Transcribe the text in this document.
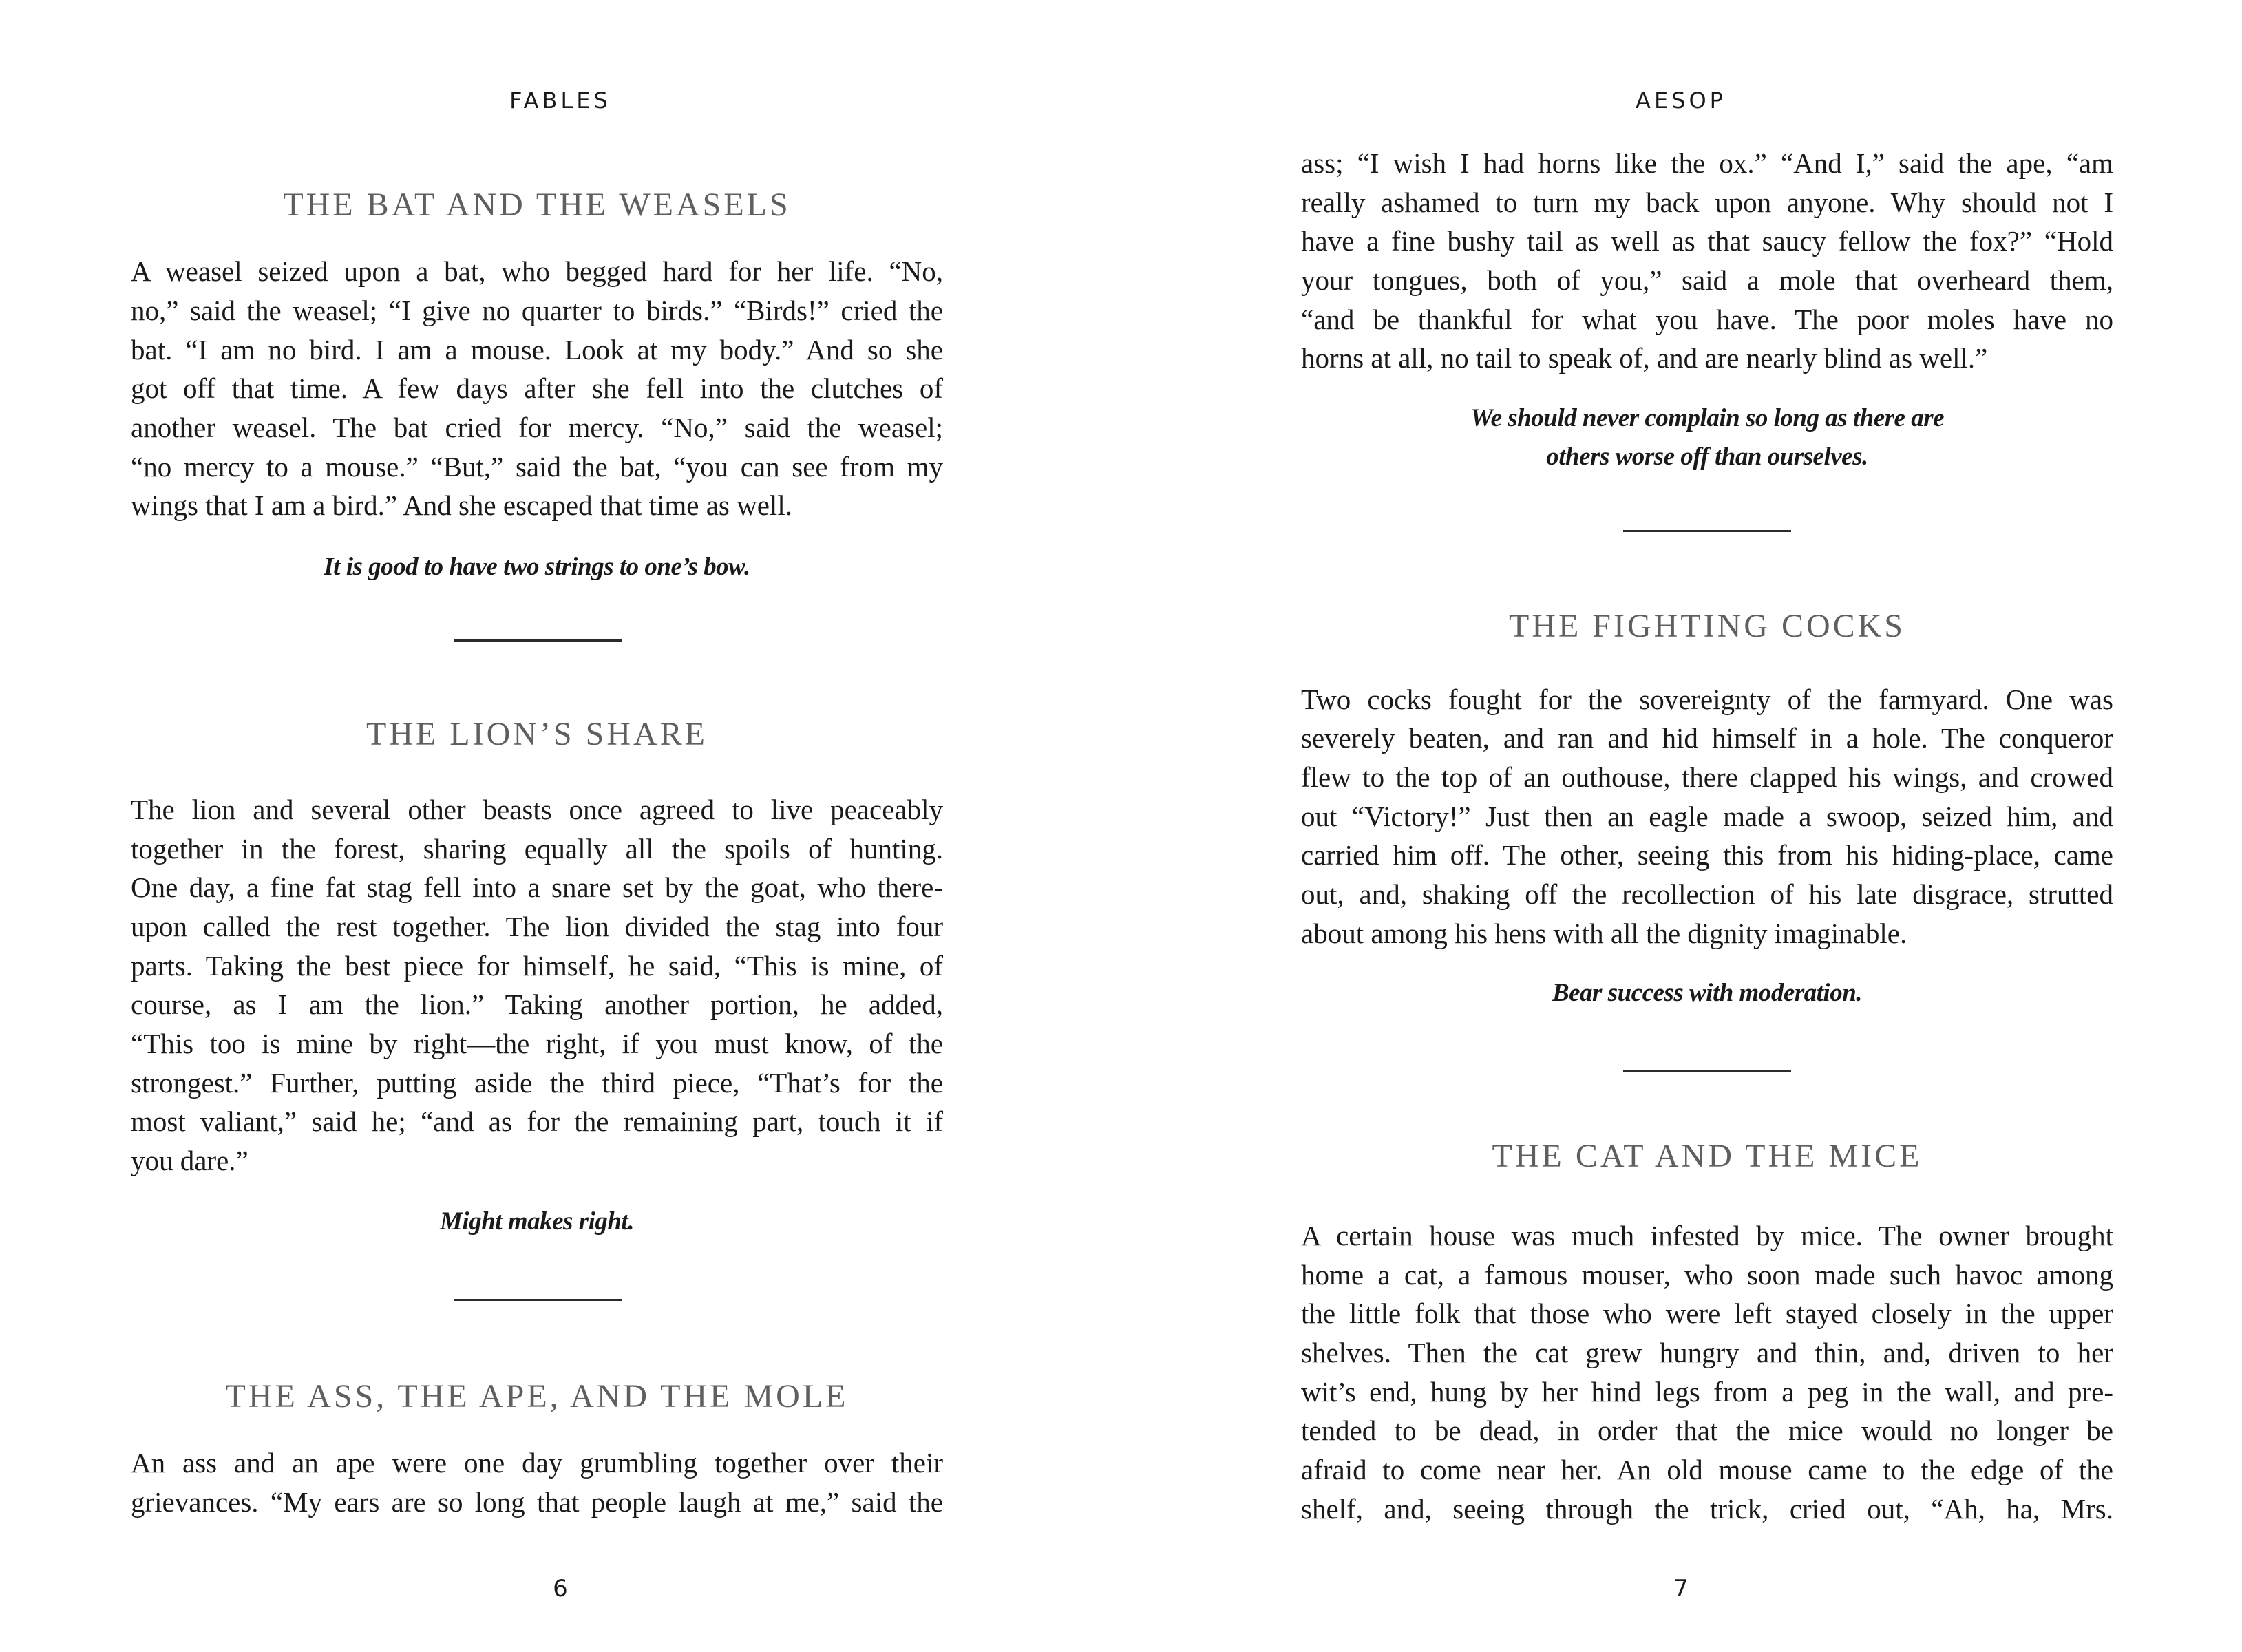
FABLES
THE BAT AND THE WEASELS
A weasel seized upon a bat, who begged hard for her life. “No,
no,” said the weasel; “I give no quarter to birds.” “Birds!” cried the
bat. “I am no bird. I am a mouse. Look at my body.” And so she
got off that time. A few days after she fell into the clutches of
another weasel. The bat cried for mercy. “No,” said the weasel;
“no mercy to a mouse.” “But,” said the bat, “you can see from my
wings that I am a bird.” And she escaped that time as well.
It is good to have two strings to one’s bow.
THE LION’S SHARE
The lion and several other beasts once agreed to live peaceably
together in the forest, sharing equally all the spoils of hunting.
One day, a fine fat stag fell into a snare set by the goat, who there-
upon called the rest together. The lion divided the stag into four
parts. Taking the best piece for himself, he said, “This is mine, of
course, as I am the lion.” Taking another portion, he added,
“This too is mine by right—the right, if you must know, of the
strongest.” Further, putting aside the third piece, “That’s for the
most valiant,” said he; “and as for the remaining part, touch it if
you dare.”
Might makes right.
THE ASS, THE APE, AND THE MOLE
An ass and an ape were one day grumbling together over their
grievances. “My ears are so long that people laugh at me,” said the
6
AESOP
ass; “I wish I had horns like the ox.” “And I,” said the ape, “am
really ashamed to turn my back upon anyone. Why should not I
have a fine bushy tail as well as that saucy fellow the fox?” “Hold
your tongues, both of you,” said a mole that overheard them,
“and be thankful for what you have. The poor moles have no
horns at all, no tail to speak of, and are nearly blind as well.”
We should never complain so long as there are
others worse off than ourselves.
THE FIGHTING COCKS
Two cocks fought for the sovereignty of the farmyard. One was
severely beaten, and ran and hid himself in a hole. The conqueror
flew to the top of an outhouse, there clapped his wings, and crowed
out “Victory!” Just then an eagle made a swoop, seized him, and
carried him off. The other, seeing this from his hiding-place, came
out, and, shaking off the recollection of his late disgrace, strutted
about among his hens with all the dignity imaginable.
Bear success with moderation.
THE CAT AND THE MICE
A certain house was much infested by mice. The owner brought
home a cat, a famous mouser, who soon made such havoc among
the little folk that those who were left stayed closely in the upper
shelves. Then the cat grew hungry and thin, and, driven to her
wit’s end, hung by her hind legs from a peg in the wall, and pre-
tended to be dead, in order that the mice would no longer be
afraid to come near her. An old mouse came to the edge of the
shelf, and, seeing through the trick, cried out, “Ah, ha, Mrs.
7
